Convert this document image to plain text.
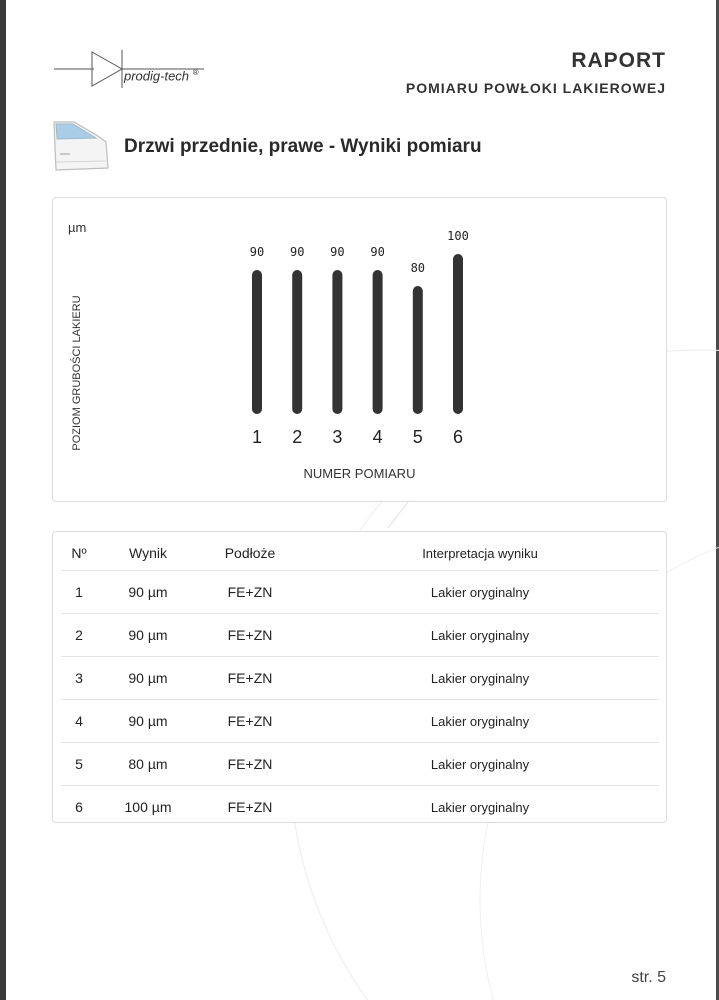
prodig-tech ®
RAPORT
POMIARU POWŁOKI LAKIEROWEJ
Drzwi przednie, prawe - Wyniki pomiaru
µm
POZIOM GRUBOŚCI LAKIERU
90
1
90
2
90
3
90
4
80
5
100
6
NUMER POMIARU
Nº	Wynik	Podłoże	Interpretacja wyniku
1	90 µm	FE+ZN	Lakier oryginalny
2	90 µm	FE+ZN	Lakier oryginalny
3	90 µm	FE+ZN	Lakier oryginalny
4	90 µm	FE+ZN	Lakier oryginalny
5	80 µm	FE+ZN	Lakier oryginalny
6	100 µm	FE+ZN	Lakier oryginalny
str. 5
